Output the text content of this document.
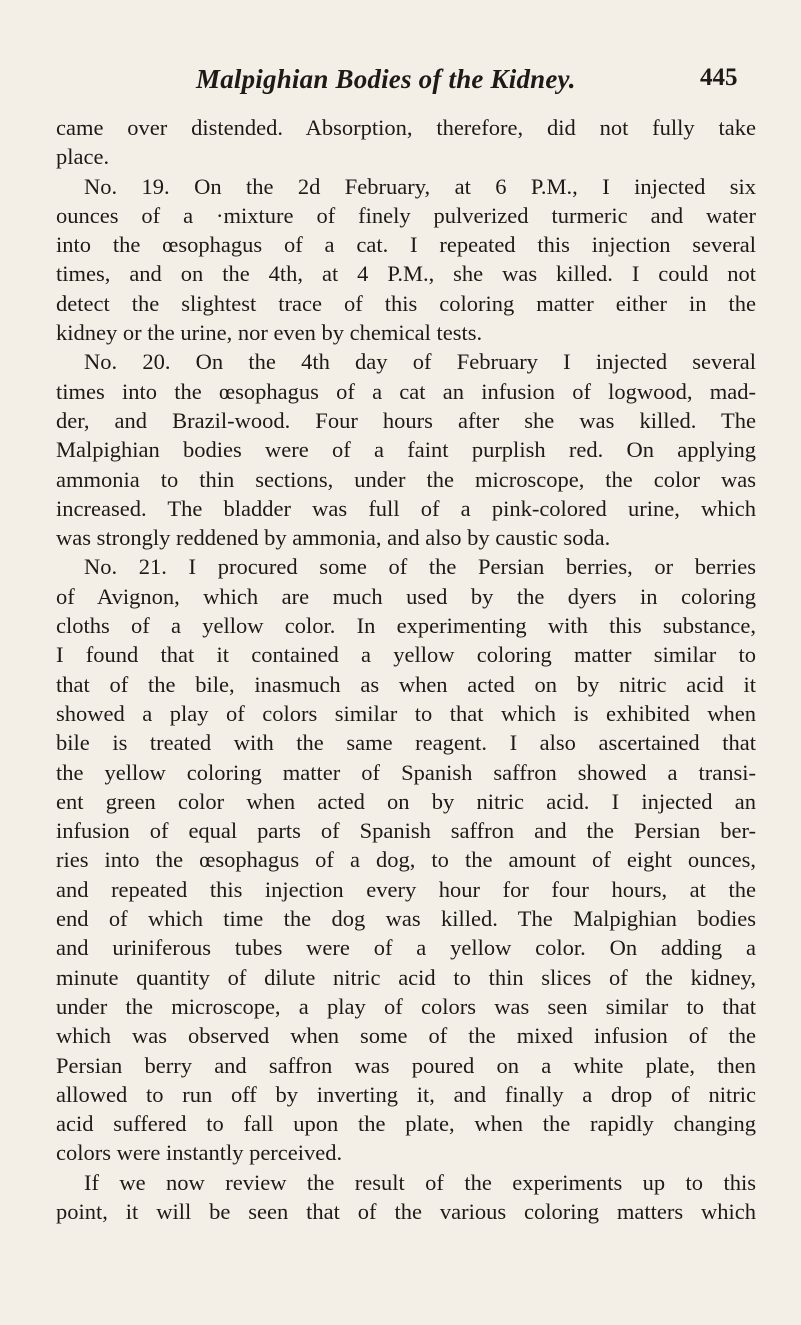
Malpighian Bodies of the Kidney.	445
came over distended. Absorption, therefore, did not fully take
place.
No. 19. On the 2d February, at 6 P.M., I injected six
ounces of a ·mixture of finely pulverized turmeric and water
into the œsophagus of a cat. I repeated this injection several
times, and on the 4th, at 4 P.M., she was killed. I could not
detect the slightest trace of this coloring matter either in the
kidney or the urine, nor even by chemical tests.
No. 20. On the 4th day of February I injected several
times into the œsophagus of a cat an infusion of logwood, mad-
der, and Brazil-wood. Four hours after she was killed. The
Malpighian bodies were of a faint purplish red. On applying
ammonia to thin sections, under the microscope, the color was
increased. The bladder was full of a pink-colored urine, which
was strongly reddened by ammonia, and also by caustic soda.
No. 21. I procured some of the Persian berries, or berries
of Avignon, which are much used by the dyers in coloring
cloths of a yellow color. In experimenting with this substance,
I found that it contained a yellow coloring matter similar to
that of the bile, inasmuch as when acted on by nitric acid it
showed a play of colors similar to that which is exhibited when
bile is treated with the same reagent. I also ascertained that
the yellow coloring matter of Spanish saffron showed a transi-
ent green color when acted on by nitric acid. I injected an
infusion of equal parts of Spanish saffron and the Persian ber-
ries into the œsophagus of a dog, to the amount of eight ounces,
and repeated this injection every hour for four hours, at the
end of which time the dog was killed. The Malpighian bodies
and uriniferous tubes were of a yellow color. On adding a
minute quantity of dilute nitric acid to thin slices of the kidney,
under the microscope, a play of colors was seen similar to that
which was observed when some of the mixed infusion of the
Persian berry and saffron was poured on a white plate, then
allowed to run off by inverting it, and finally a drop of nitric
acid suffered to fall upon the plate, when the rapidly changing
colors were instantly perceived.
If we now review the result of the experiments up to this
point, it will be seen that of the various coloring matters which
